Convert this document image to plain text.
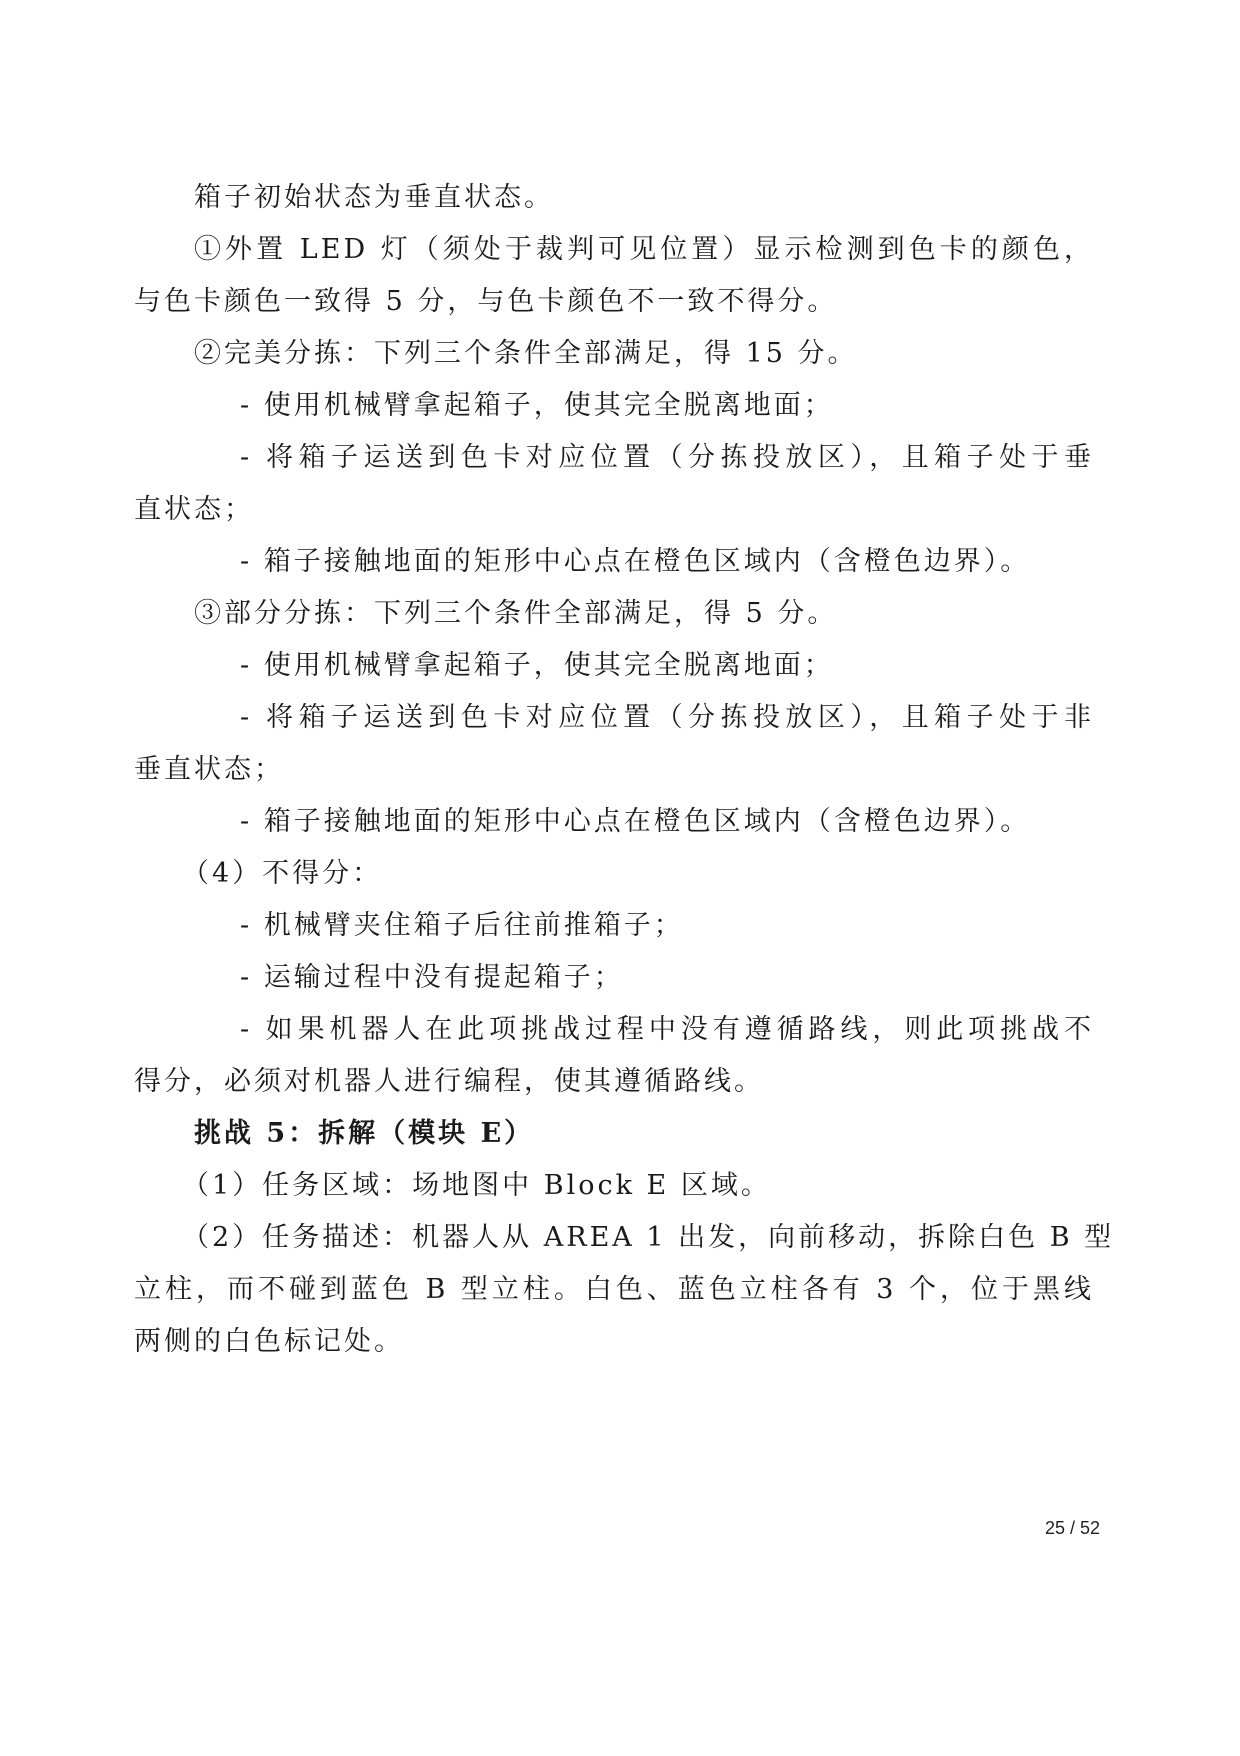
箱子初始状态为垂直状态。
①外置 LED 灯（须处于裁判可见位置）显示检测到色卡的颜色，
与色卡颜色一致得 5 分，与色卡颜色不一致不得分。
②完美分拣：下列三个条件全部满足，得 15 分。
- 使用机械臂拿起箱子，使其完全脱离地面；
- 将箱子运送到色卡对应位置（分拣投放区），且箱子处于垂
直状态；
- 箱子接触地面的矩形中心点在橙色区域内（含橙色边界）。
③部分分拣：下列三个条件全部满足，得 5 分。
- 使用机械臂拿起箱子，使其完全脱离地面；
- 将箱子运送到色卡对应位置（分拣投放区），且箱子处于非
垂直状态；
- 箱子接触地面的矩形中心点在橙色区域内（含橙色边界）。
（4）不得分：
- 机械臂夹住箱子后往前推箱子；
- 运输过程中没有提起箱子；
- 如果机器人在此项挑战过程中没有遵循路线，则此项挑战不
得分，必须对机器人进行编程，使其遵循路线。
挑战 5：拆解（模块 E）
（1）任务区域：场地图中 Block E 区域。
（2）任务描述：机器人从 AREA 1 出发，向前移动，拆除白色 B 型
立柱，而不碰到蓝色 B 型立柱。白色、蓝色立柱各有 3 个，位于黑线
两侧的白色标记处。
25 / 52
